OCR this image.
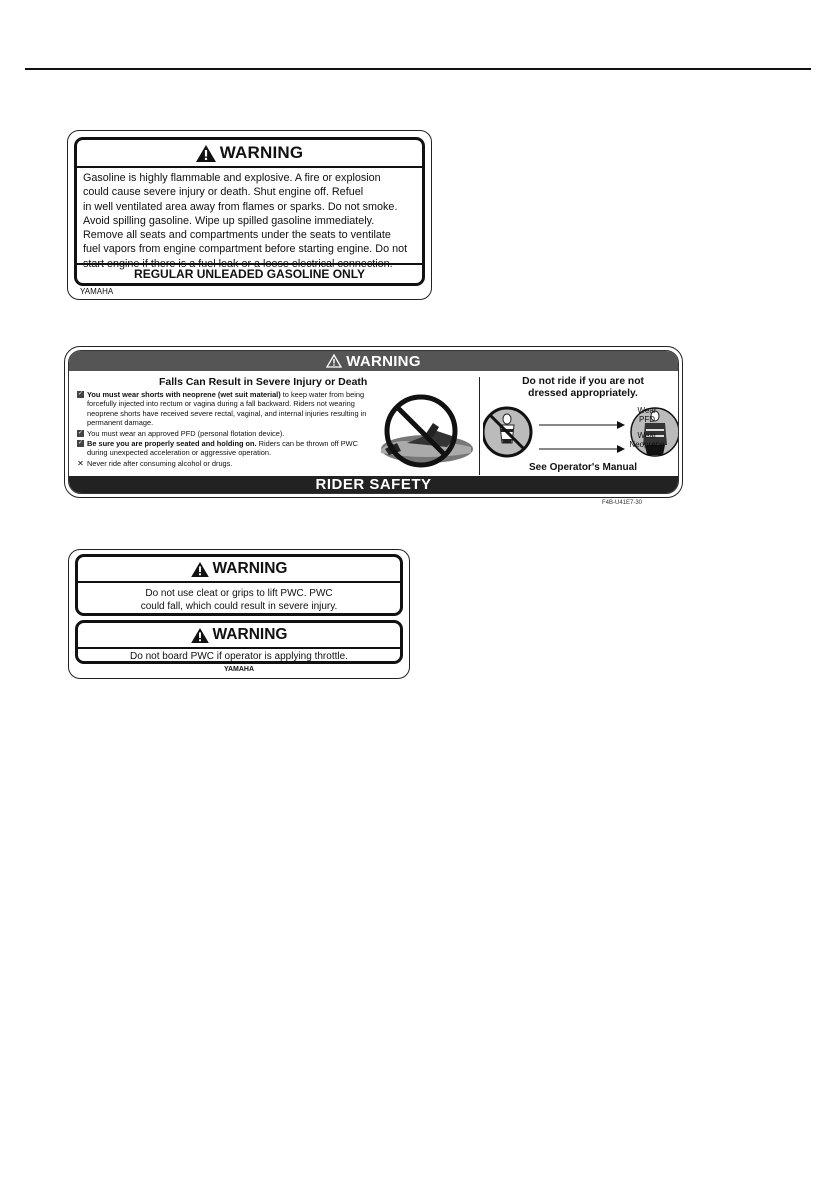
WARNING
Gasoline is highly flammable and explosive. A fire or explosion
could cause severe injury or death. Shut engine off. Refuel
in well ventilated area away from flames or sparks. Do not smoke.
Avoid spilling gasoline. Wipe up spilled gasoline immediately.
Remove all seats and compartments under the seats to ventilate
fuel vapors from engine compartment before starting engine. Do not
start engine if there is a fuel leak or a loose electrical connection.
REGULAR UNLEADED GASOLINE ONLY
YAMAHA
WARNING
Falls Can Result in Severe Injury or Death
✓ You must wear shorts with neoprene (wet suit material) to keep water from being forcefully injected into rectum or vagina during a fall backward. Riders not wearing neoprene shorts have received severe rectal, vaginal, and internal injuries resulting in permanent damage.
✓ You must wear an approved PFD (personal flotation device).
✓ Be sure you are properly seated and holding on. Riders can be thrown off PWC during unexpected acceleration or aggressive operation.
✕ Never ride after consuming alcohol or drugs.
Do not ride if you are not
dressed appropriately.
Wear
PFD
Wear
Neoprene
See Operator's Manual
RIDER SAFETY
F4B-U41E7-30
WARNING
Do not use cleat or grips to lift PWC. PWC
could fall, which could result in severe injury.
WARNING
Do not board PWC if operator is applying throttle.
YAMAHA
